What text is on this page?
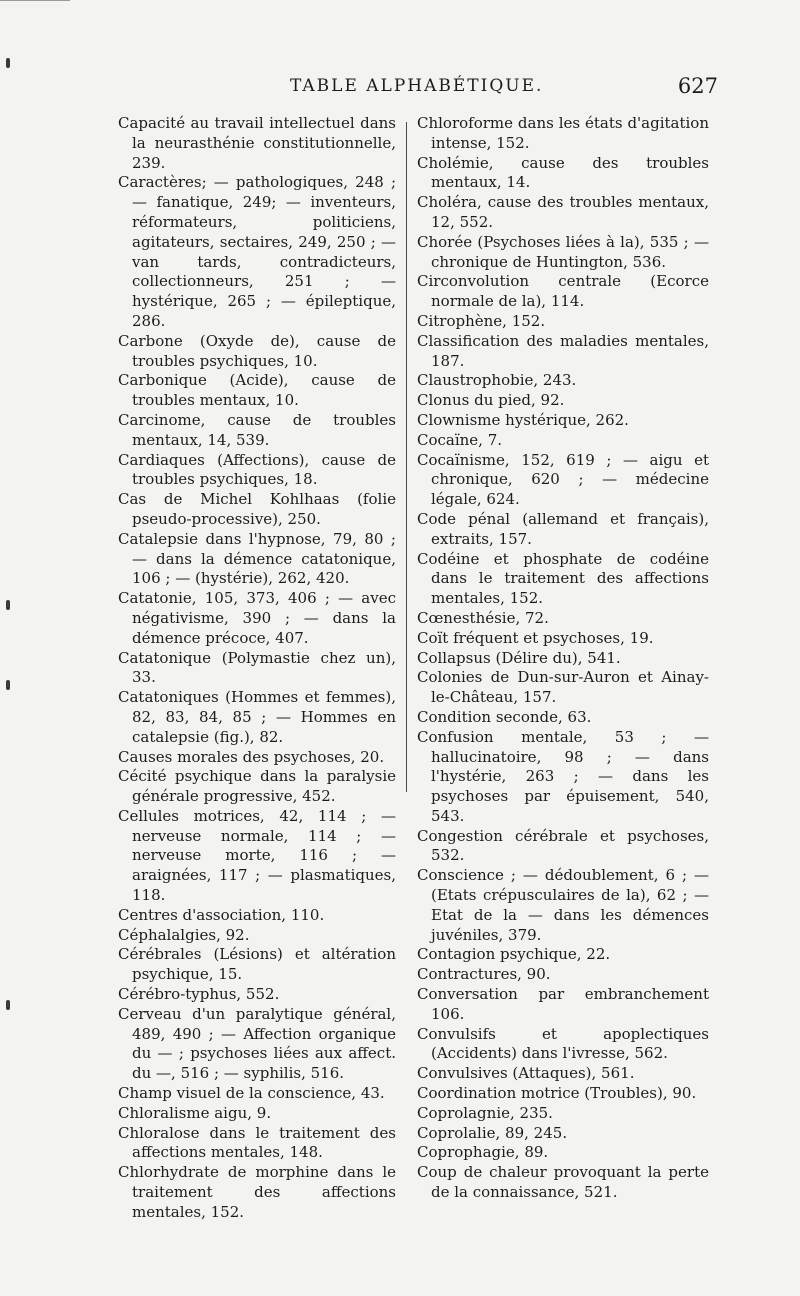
TABLE ALPHABÉTIQUE.	627

Capacité au travail intellectuel dans la neurasthénie constitutionnelle, 239.

Caractères; — pathologiques, 248 ; — fanatique, 249; — inventeurs, réformateurs, politiciens, agitateurs, sectaires, 249, 250 ; — van tards, contradicteurs, collectionneurs, 251 ; — hystérique, 265 ; — épileptique, 286.

Carbone (Oxyde de), cause de troubles psychiques, 10.

Carbonique (Acide), cause de troubles mentaux, 10.

Carcinome, cause de troubles mentaux, 14, 539.

Cardiaques (Affections), cause de troubles psychiques, 18.

Cas de Michel Kohlhaas (folie pseudo-processive), 250.

Catalepsie dans l'hypnose, 79, 80 ; — dans la démence catatonique, 106 ; — (hystérie), 262, 420.

Catatonie, 105, 373, 406 ; — avec négativisme, 390 ; — dans la démence précoce, 407.

Catatonique (Polymastie chez un), 33.

Catatoniques (Hommes et femmes), 82, 83, 84, 85 ; — Hommes en catalepsie (fig.), 82.

Causes morales des psychoses, 20.

Cécité psychique dans la paralysie générale progressive, 452.

Cellules motrices, 42, 114 ; — nerveuse normale, 114 ; — nerveuse morte, 116 ; — araignées, 117 ; — plasmatiques, 118.

Centres d'association, 110.

Céphalalgies, 92.

Cérébrales (Lésions) et altération psychique, 15.

Cérébro-typhus, 552.

Cerveau d'un paralytique général, 489, 490 ; — Affection organique du — ; psychoses liées aux affect. du —, 516 ; — syphilis, 516.

Champ visuel de la conscience, 43.

Chloralisme aigu, 9.

Chloralose dans le traitement des affections mentales, 148.

Chlorhydrate de morphine dans le traitement des affections mentales, 152.

Chloroforme dans les états d'agitation intense, 152.

Cholémie, cause des troubles mentaux, 14.

Choléra, cause des troubles mentaux, 12, 552.

Chorée (Psychoses liées à la), 535 ; — chronique de Huntington, 536.

Circonvolution centrale (Ecorce normale de la), 114.

Citrophène, 152.

Classification des maladies mentales, 187.

Claustrophobie, 243.

Clonus du pied, 92.

Clownisme hystérique, 262.

Cocaïne, 7.

Cocaïnisme, 152, 619 ; — aigu et chronique, 620 ; — médecine légale, 624.

Code pénal (allemand et français), extraits, 157.

Codéine et phosphate de codéine dans le traitement des affections mentales, 152.

Cœnesthésie, 72.

Coït fréquent et psychoses, 19.

Collapsus (Délire du), 541.

Colonies de Dun-sur-Auron et Ainay-le-Château, 157.

Condition seconde, 63.

Confusion mentale, 53 ; — hallucinatoire, 98 ; — dans l'hystérie, 263 ; — dans les psychoses par épuisement, 540, 543.

Congestion cérébrale et psychoses, 532.

Conscience ; — dédoublement, 6 ; — (Etats crépusculaires de la), 62 ; — Etat de la — dans les démences juvéniles, 379.

Contagion psychique, 22.

Contractures, 90.

Conversation par embranchement 106.

Convulsifs et apoplectiques (Accidents) dans l'ivresse, 562.

Convulsives (Attaques), 561.

Coordination motrice (Troubles), 90.

Coprolagnie, 235.

Coprolalie, 89, 245.

Coprophagie, 89.

Coup de chaleur provoquant la perte de la connaissance, 521.
